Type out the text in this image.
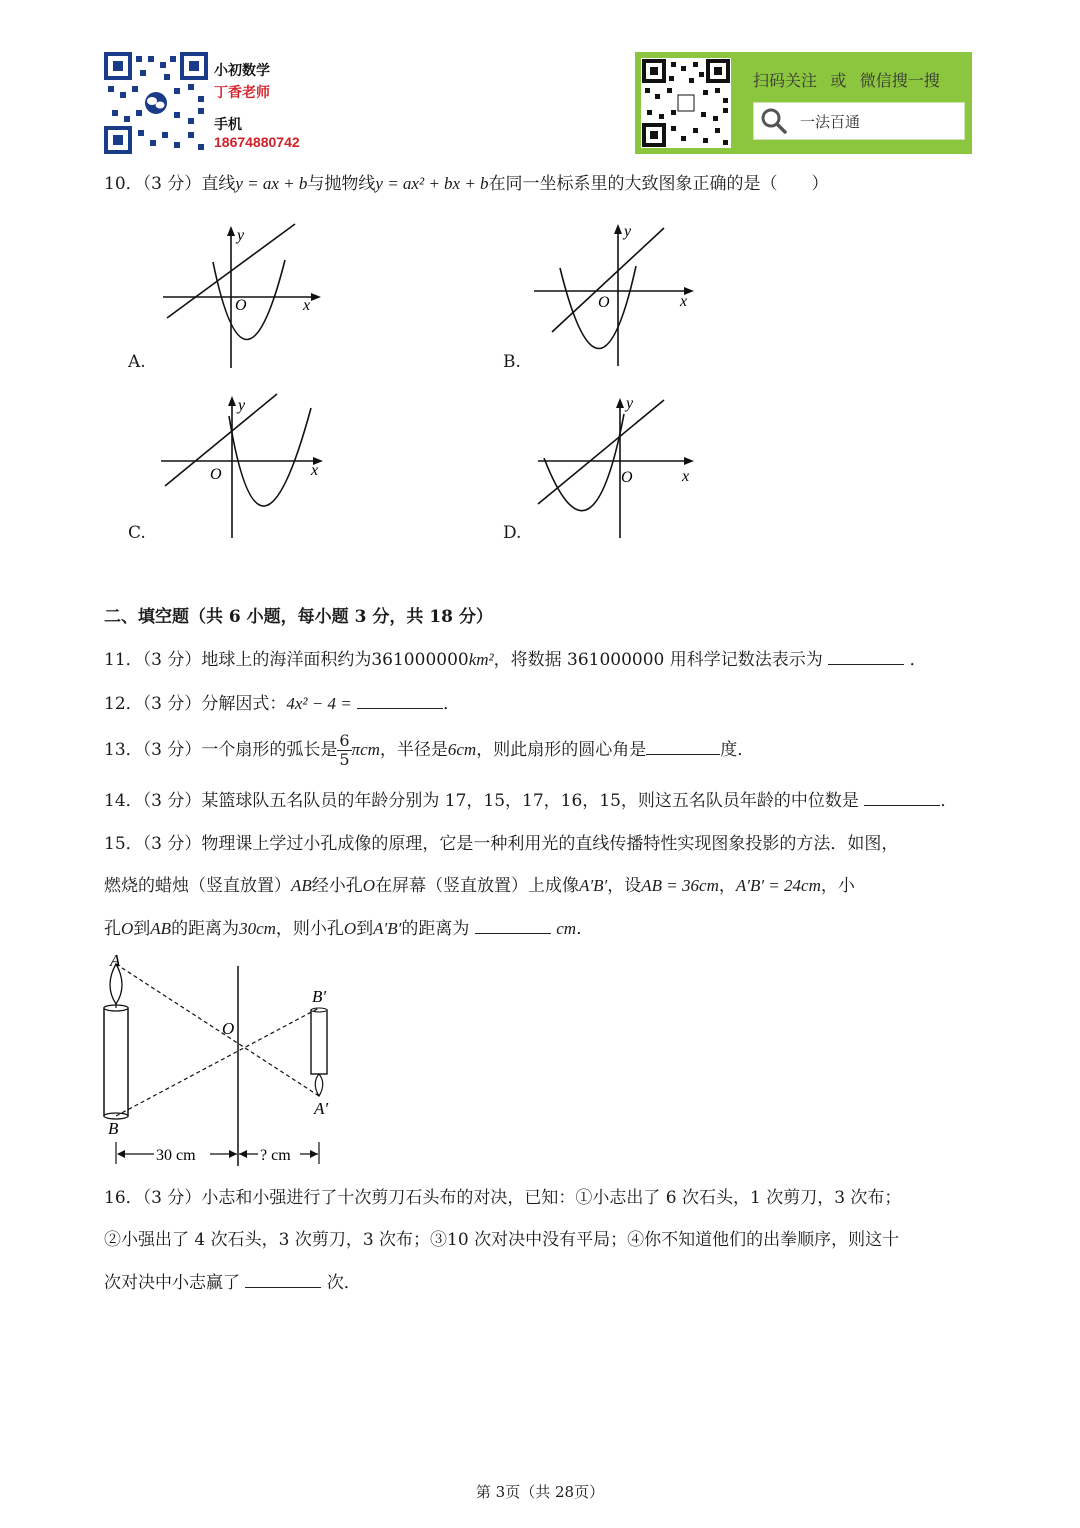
小初数学
丁香老师
手机
18674880742
扫码关注 或 微信搜一搜
一法百通
10．（3 分）直线y = ax + b与抛物线y = ax² + bx + b在同一坐标系里的大致图象正确的是（　　）
y
x
O
A.
y
x
O
B.
y
x
O
C.
y
x
O
D.
二、填空题（共 6 小题，每小题 3 分，共 18 分）
11．（3 分）地球上的海洋面积约为361000000km²，将数据 361000000 用科学记数法表示为	．
12．（3 分）分解因式：4x² − 4 =	．
13．（3 分）一个扇形的弧长是 $\frac{6}{5}$ πcm，半径是6cm，则此扇形的圆心角是	度．
14．（3 分）某篮球队五名队员的年龄分别为 17，15，17，16，15，则这五名队员年龄的中位数是	．
15．（3 分）物理课上学过小孔成像的原理，它是一种利用光的直线传播特性实现图象投影的方法．如图，
燃烧的蜡烛（竖直放置）AB经小孔O在屏幕（竖直放置）上成像A′B′，设AB = 36cm，A′B′ = 24cm，小
孔O到AB的距离为30cm，则小孔O到A′B′的距离为	cm．
A
B
O
B′
A′
30 cm	? cm
16．（3 分）小志和小强进行了十次剪刀石头布的对决，已知：①小志出了 6 次石头，1 次剪刀，3 次布；
②小强出了 4 次石头，3 次剪刀，3 次布；③10 次对决中没有平局；④你不知道他们的出拳顺序，则这十
次对决中小志赢了	次．
第 3页（共 28页）
